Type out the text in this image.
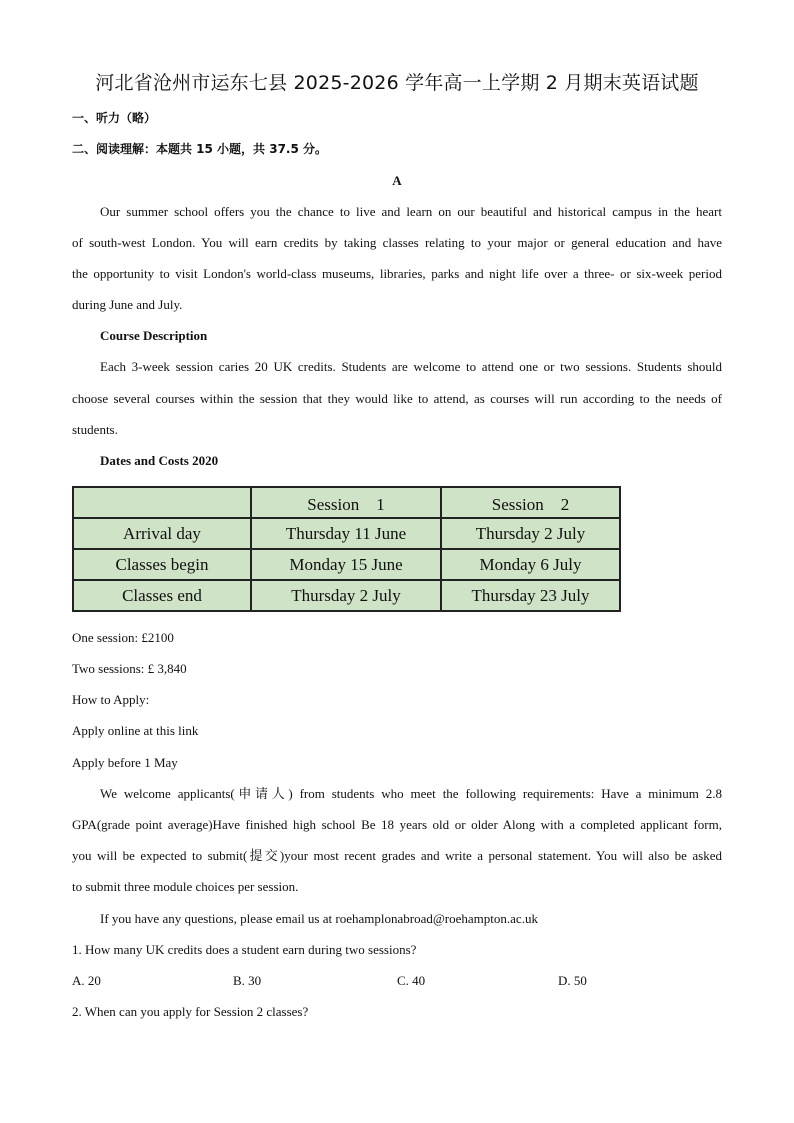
河北省沧州市运东七县 2025-2026 学年高一上学期 2 月期末英语试题
一、听力（略）
二、阅读理解：本题共 15 小题，共 37.5 分。
A
Our summer school offers you the chance to live and learn on our beautiful and historical campus in the heart
of south-west London. You will earn credits by taking classes relating to your major or general education and have
the opportunity to visit London's world-class museums, libraries, parks and night life over a three- or six-week period
during June and July.
Course Description
Each 3-week session caries 20 UK credits. Students are welcome to attend one or two sessions. Students should
choose several courses within the session that they would like to attend, as courses will run according to the needs of
students.
Dates and Costs 2020
	Session　1	Session　2
Arrival day	Thursday 11 June	Thursday 2 July
Classes begin	Monday 15 June	Monday 6 July
Classes end	Thursday 2 July	Thursday 23 July
One session: £2100
Two sessions: £ 3,840
How to Apply:
Apply online at this link
Apply before 1 May
We welcome applicants(申请人) from students who meet the following requirements: Have a minimum 2.8
GPA(grade point average)Have finished high school Be 18 years old or older Along with a completed applicant form,
you will be expected to submit(提交)your most recent grades and write a personal statement. You will also be asked
to submit three module choices per session.
If you have any questions, please email us at roehamplonabroad@roehampton.ac.uk
1. How many UK credits does a student earn during two sessions?
A. 20	B. 30	C. 40	D. 50
2. When can you apply for Session 2 classes?
